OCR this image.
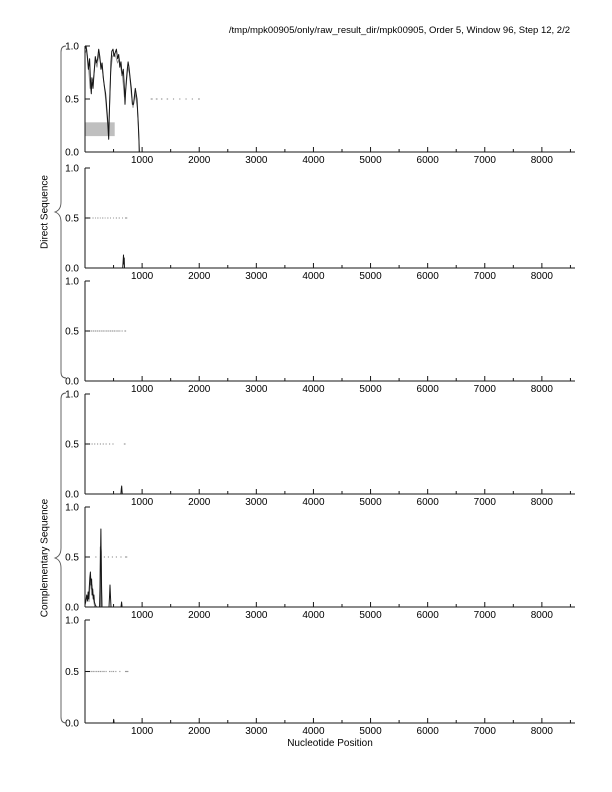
/tmp/mpk00905/only/raw_result_dir/mpk00905, Order 5, Window 96, Step 12, 2/2
Direct Sequence
Complementary Sequence
1000	2000	3000	4000	5000	6000	7000	8000
0.0
0.5
1.0
1000	2000	3000	4000	5000	6000	7000	8000
0.0
0.5
1.0
1000	2000	3000	4000	5000	6000	7000	8000
0.0
0.5
1.0
1000	2000	3000	4000	5000	6000	7000	8000
0.0
0.5
1.0
1000	2000	3000	4000	5000	6000	7000	8000
0.0
0.5
1.0
1000	2000	3000	4000	5000	6000	7000	8000
0.0
0.5
1.0
Nucleotide Position
